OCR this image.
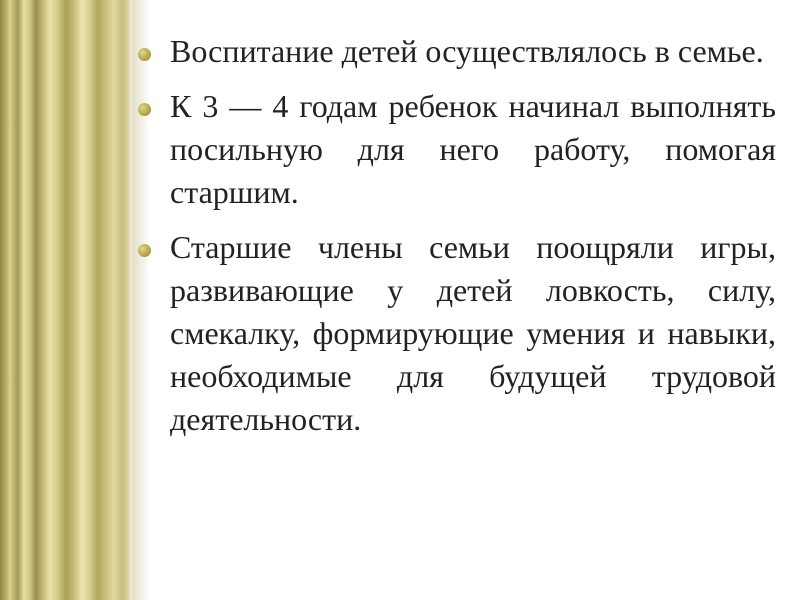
Воспитание детей осуществлялось в семье.
К 3 — 4 годам ребенок начинал выполнять посильную для него работу, помогая старшим.
Старшие члены семьи поощряли игры, развивающие у детей ловкость, силу, смекалку, формирующие умения и навыки, необходимые для будущей трудовой деятельности.
